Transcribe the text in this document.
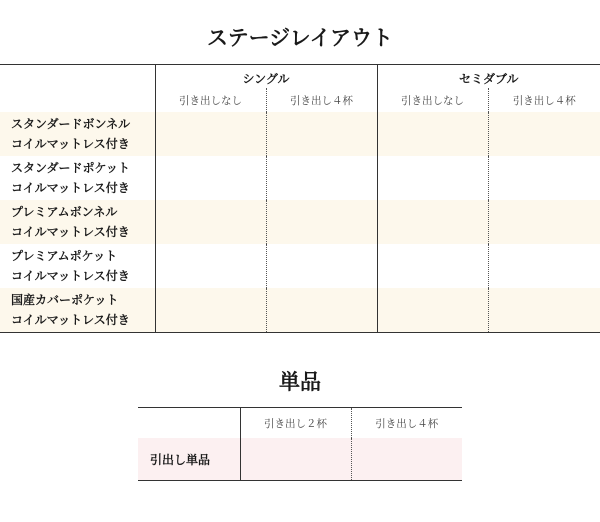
ステージレイアウト
	シングル		セミダブル	
	引き出しなし	引き出し４杯	引き出しなし	引き出し４杯
スタンダードボンネル
コイルマットレス付き				
スタンダードポケット
コイルマットレス付き				
プレミアムボンネル
コイルマットレス付き				
プレミアムポケット
コイルマットレス付き				
国産カバーポケット
コイルマットレス付き				
単品
	引き出し２杯	引き出し４杯
引出し単品		
